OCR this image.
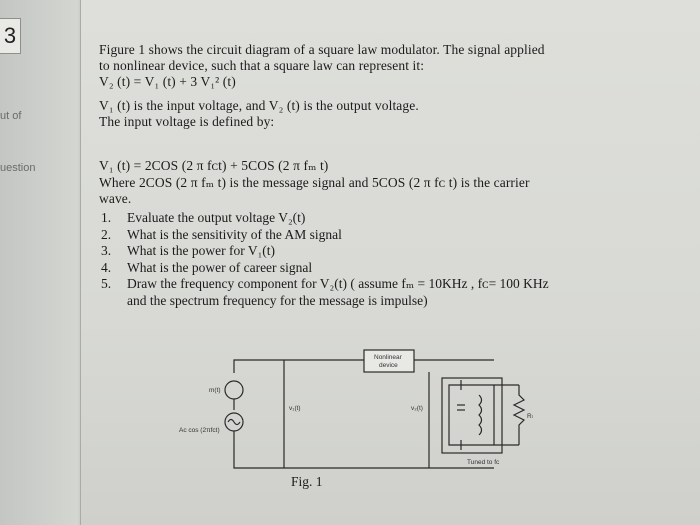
3
ut of
uestion
Figure 1 shows the circuit diagram of a square law modulator. The signal applied
to nonlinear device, such that a square law can represent it:
V₂ (t) = V₁ (t) + 3 V₁² (t)
V₁ (t) is the input voltage, and V₂ (t) is the output voltage.
The input voltage is defined by:
V₁ (t) = 2COS (2 π fᴄt) + 5COS (2 π fₘ t)
Where 2COS (2 π fₘ t) is the message signal and 5COS (2 π fᴄ t) is the carrier
wave.
1. Evaluate the output voltage V₂(t)
2. What is the sensitivity of the AM signal
3. What is the power for V₁(t)
4. What is the power of career signal
5. Draw the frequency component for V₂(t) ( assume fₘ = 10KHz , fᴄ= 100 KHz
and the spectrum frequency for the message is impulse)
Nonlinear
device
m(t)
Aᴄ cos (2πfᴄt)
v₁(t)	v₂(t)
Rₗ
Tuned to fᴄ
Fig. 1
